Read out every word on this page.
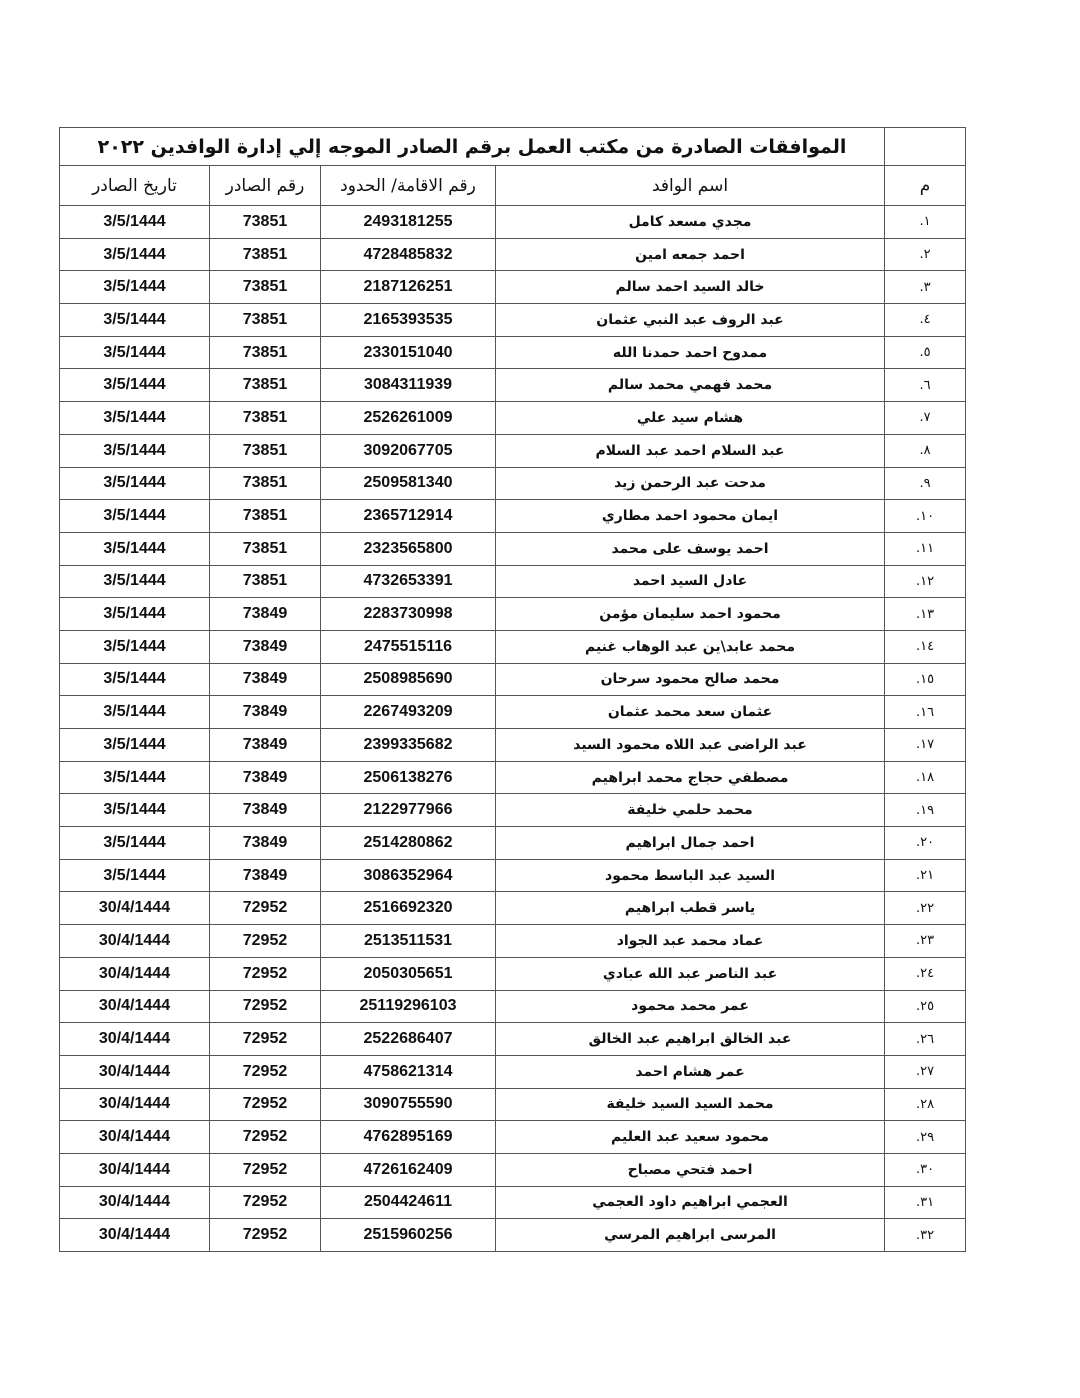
الموافقات الصادرة من مكتب العمل برقم الصادر الموجه إلي إدارة الوافدين ٢٠٢٢				
تاريخ الصادر	رقم الصادر	رقم الاقامة/ الحدود	اسم الوافد	م
3/5/1444	73851	2493181255	مجدي مسعد كامل	١.
3/5/1444	73851	4728485832	احمد جمعه امين	٢.
3/5/1444	73851	2187126251	خالد السيد احمد سالم	٣.
3/5/1444	73851	2165393535	عبد الروف عبد النبي عثمان	٤.
3/5/1444	73851	2330151040	ممدوح احمد حمدنا الله	٥.
3/5/1444	73851	3084311939	محمد فهمي محمد سالم	٦.
3/5/1444	73851	2526261009	هشام سيد علي	٧.
3/5/1444	73851	3092067705	عبد السلام احمد عبد السلام	٨.
3/5/1444	73851	2509581340	مدحت عبد الرحمن زيد	٩.
3/5/1444	73851	2365712914	ايمان محمود احمد مطاري	١٠.
3/5/1444	73851	2323565800	احمد يوسف على محمد	١١.
3/5/1444	73851	4732653391	عادل السيد احمد	١٢.
3/5/1444	73849	2283730998	محمود احمد سليمان مؤمن	١٣.
3/5/1444	73849	2475515116	محمد عابد\ين عبد الوهاب غنيم	١٤.
3/5/1444	73849	2508985690	محمد صالح محمود سرحان	١٥.
3/5/1444	73849	2267493209	عثمان سعد محمد عثمان	١٦.
3/5/1444	73849	2399335682	عبد الراضى عبد اللاه محمود السيد	١٧.
3/5/1444	73849	2506138276	مصطفي حجاج محمد ابراهيم	١٨.
3/5/1444	73849	2122977966	محمد حلمي خليفة	١٩.
3/5/1444	73849	2514280862	احمد جمال ابراهيم	٢٠.
3/5/1444	73849	3086352964	السيد عبد الباسط محمود	٢١.
30/4/1444	72952	2516692320	ياسر قطب ابراهيم	٢٢.
30/4/1444	72952	2513511531	عماد محمد عبد الجواد	٢٣.
30/4/1444	72952	2050305651	عبد الناصر عبد الله عبادي	٢٤.
30/4/1444	72952	25119296103	عمر محمد محمود	٢٥.
30/4/1444	72952	2522686407	عبد الخالق ابراهيم عبد الخالق	٢٦.
30/4/1444	72952	4758621314	عمر هشام احمد	٢٧.
30/4/1444	72952	3090755590	محمد السيد السيد خليفة	٢٨.
30/4/1444	72952	4762895169	محمود سعيد عبد العليم	٢٩.
30/4/1444	72952	4726162409	احمد فتحي مصباح	٣٠.
30/4/1444	72952	2504424611	العجمي ابراهيم داود العجمي	٣١.
30/4/1444	72952	2515960256	المرسى ابراهيم المرسي	٣٢.
